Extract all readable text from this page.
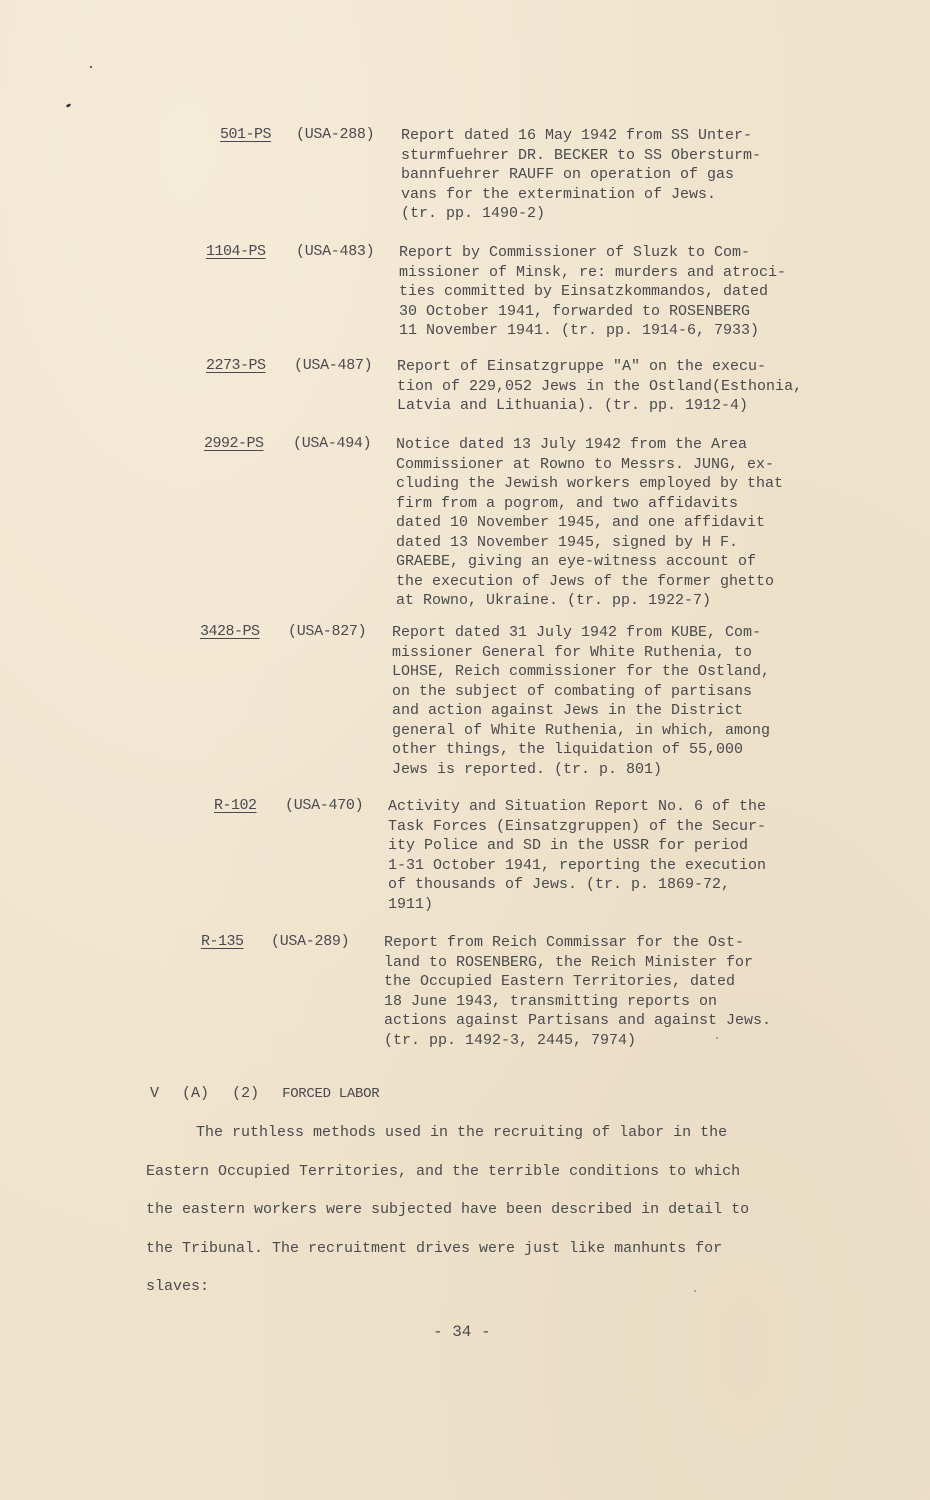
501-PS (USA-288) Report dated 16 May 1942 from SS Unter-
sturmfuehrer DR. BECKER to SS Obersturm-
bannfuehrer RAUFF on operation of gas
vans for the extermination of Jews.
(tr. pp. 1490-2)
1104-PS (USA-483) Report by Commissioner of Sluzk to Com-
missioner of Minsk, re: murders and atroci-
ties committed by Einsatzkommandos, dated
30 October 1941, forwarded to ROSENBERG
11 November 1941. (tr. pp. 1914-6, 7933)
2273-PS (USA-487) Report of Einsatzgruppe "A" on the execu-
tion of 229,052 Jews in the Ostland(Esthonia,
Latvia and Lithuania). (tr. pp. 1912-4)
2992-PS (USA-494) Notice dated 13 July 1942 from the Area
Commissioner at Rowno to Messrs. JUNG, ex-
cluding the Jewish workers employed by that
firm from a pogrom, and two affidavits
dated 10 November 1945, and one affidavit
dated 13 November 1945, signed by H F.
GRAEBE, giving an eye-witness account of
the execution of Jews of the former ghetto
at Rowno, Ukraine. (tr. pp. 1922-7)
3428-PS (USA-827) Report dated 31 July 1942 from KUBE, Com-
missioner General for White Ruthenia, to
LOHSE, Reich commissioner for the Ostland,
on the subject of combating of partisans
and action against Jews in the District
general of White Ruthenia, in which, among
other things, the liquidation of 55,000
Jews is reported. (tr. p. 801)
R-102 (USA-470) Activity and Situation Report No. 6 of the
Task Forces (Einsatzgruppen) of the Secur-
ity Police and SD in the USSR for period
1-31 October 1941, reporting the execution
of thousands of Jews. (tr. p. 1869-72,
1911)
R-135 (USA-289) Report from Reich Commissar for the Ost-
land to ROSENBERG, the Reich Minister for
the Occupied Eastern Territories, dated
18 June 1943, transmitting reports on
actions against Partisans and against Jews.
(tr. pp. 1492-3, 2445, 7974)
V (A) (2) FORCED LABOR
The ruthless methods used in the recruiting of labor in the
Eastern Occupied Territories, and the terrible conditions to which
the eastern workers were subjected have been described in detail to
the Tribunal. The recruitment drives were just like manhunts for
slaves:
- 34 -
